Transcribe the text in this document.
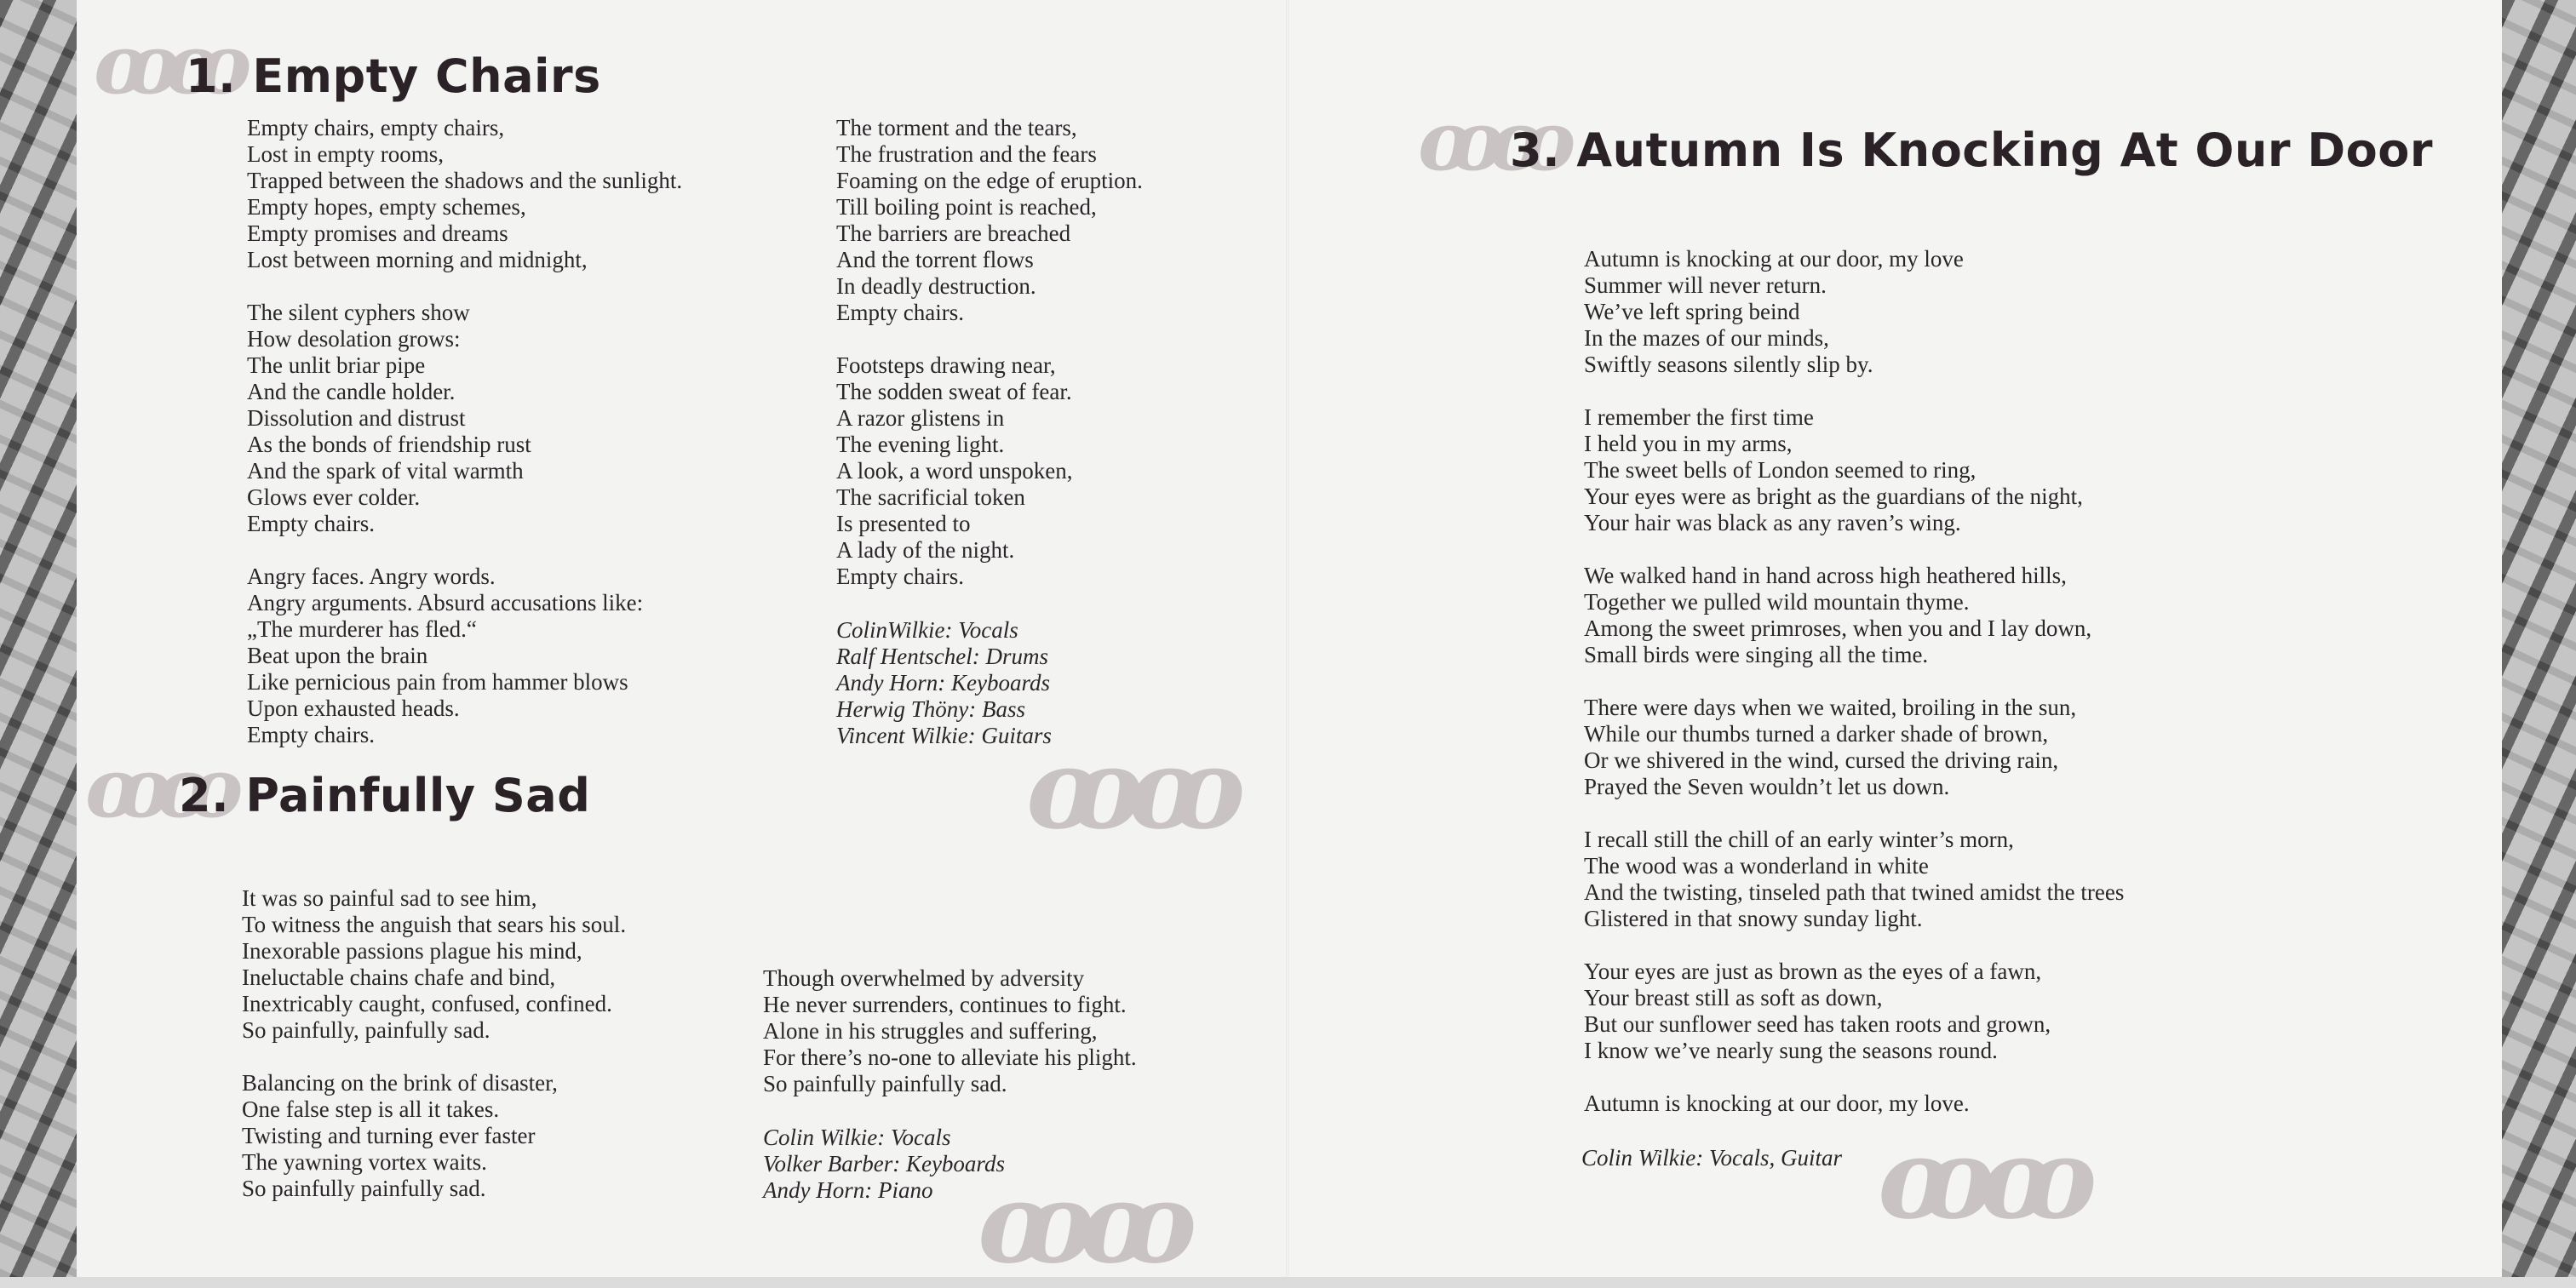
ꝏꝏ
ꝏꝏ
ꝏꝏ
ꝏꝏ
ꝏꝏ	ꝏꝏ
1. Empty Chairs

Empty chairs, empty chairs,
Lost in empty rooms,
Trapped between the shadows and the sunlight.
Empty hopes, empty schemes,
Empty promises and dreams
Lost between morning and midnight,

The silent cyphers show
How desolation grows:
The unlit briar pipe
And the candle holder.
Dissolution and distrust
As the bonds of friendship rust
And the spark of vital warmth
Glows ever colder.
Empty chairs.

Angry faces. Angry words.
Angry arguments. Absurd accusations like:
„The murderer has fled.“
Beat upon the brain
Like pernicious pain from hammer blows
Upon exhausted heads.
Empty chairs.

The torment and the tears,
The frustration and the fears
Foaming on the edge of eruption.
Till boiling point is reached,
The barriers are breached
And the torrent flows
In deadly destruction.
Empty chairs.

Footsteps drawing near,
The sodden sweat of fear.
A razor glistens in
The evening light.
A look, a word unspoken,
The sacrificial token
Is presented to
A lady of the night.
Empty chairs.

ColinWilkie: Vocals
Ralf Hentschel: Drums
Andy Horn: Keyboards
Herwig Thöny: Bass
Vincent Wilkie: Guitars
2. Painfully Sad

It was so painful sad to see him,
To witness the anguish that sears his soul.
Inexorable passions plague his mind,
Ineluctable chains chafe and bind,
Inextricably caught, confused, confined.
So painfully, painfully sad.

Balancing on the brink of disaster,
One false step is all it takes.
Twisting and turning ever faster
The yawning vortex waits.
So painfully painfully sad.

Though overwhelmed by adversity
He never surrenders, continues to fight.
Alone in his struggles and suffering,
For there’s no-one to alleviate his plight.
So painfully painfully sad.

Colin Wilkie: Vocals
Volker Barber: Keyboards
Andy Horn: Piano
3. Autumn Is Knocking At Our Door

Autumn is knocking at our door, my love
Summer will never return.
We’ve left spring beind
In the mazes of our minds,
Swiftly seasons silently slip by.

I remember the first time
I held you in my arms,
The sweet bells of London seemed to ring,
Your eyes were as bright as the guardians of the night,
Your hair was black as any raven’s wing.

We walked hand in hand across high heathered hills,
Together we pulled wild mountain thyme.
Among the sweet primroses, when you and I lay down,
Small birds were singing all the time.

There were days when we waited, broiling in the sun,
While our thumbs turned a darker shade of brown,
Or we shivered in the wind, cursed the driving rain,
Prayed the Seven wouldn’t let us down.

I recall still the chill of an early winter’s morn,
The wood was a wonderland in white
And the twisting, tinseled path that twined amidst the trees
Glistered in that snowy sunday light.

Your eyes are just as brown as the eyes of a fawn,
Your breast still as soft as down,
But our sunflower seed has taken roots and grown,
I know we’ve nearly sung the seasons round.

Autumn is knocking at our door, my love.

Colin Wilkie: Vocals, Guitar
